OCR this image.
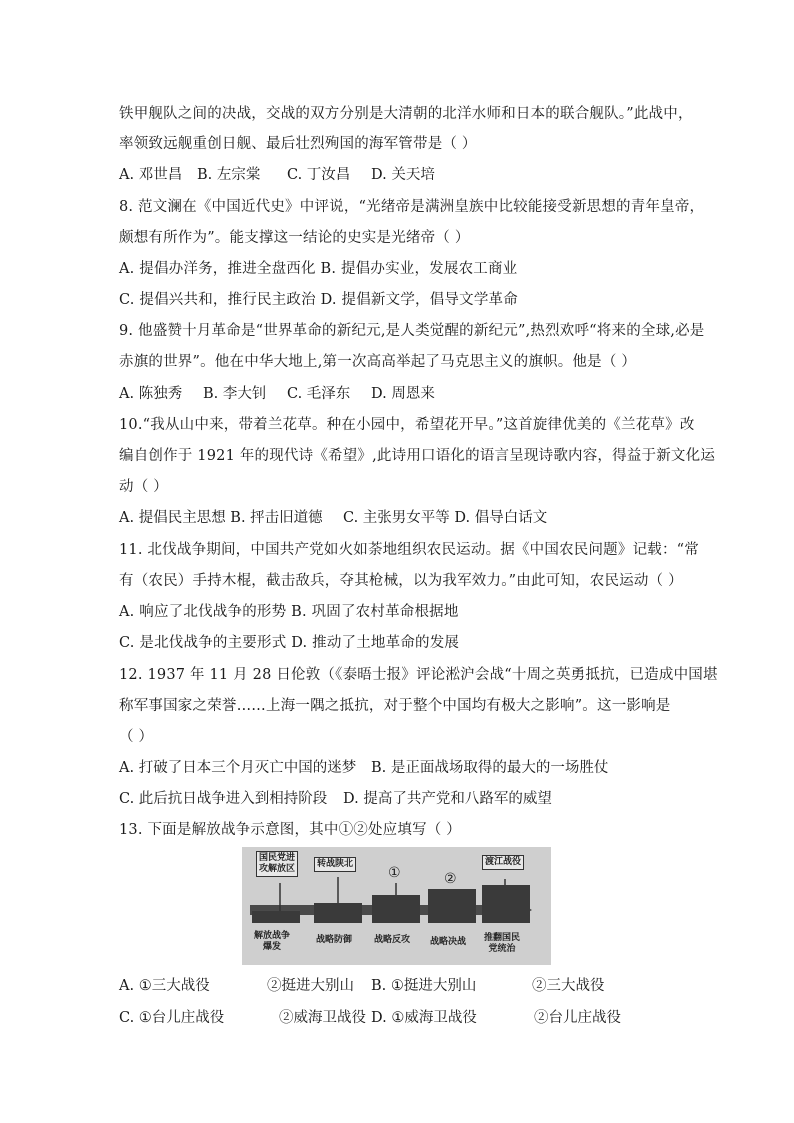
铁甲舰队之间的决战，交战的双方分别是大清朝的北洋水师和日本的联合舰队。”此战中，
率领致远舰重创日舰、最后壮烈殉国的海军管带是（ ）
A. 邓世昌 B. 左宗棠 C. 丁汝昌 D. 关天培
8. 范文澜在《中国近代史》中评说，“光绪帝是满洲皇族中比较能接受新思想的青年皇帝，
颇想有所作为”。能支撑这一结论的史实是光绪帝（ ）
A. 提倡办洋务，推进全盘西化 B. 提倡办实业，发展农工商业
C. 提倡兴共和，推行民主政治 D. 提倡新文学，倡导文学革命
9. 他盛赞十月革命是“世界革命的新纪元,是人类觉醒的新纪元”,热烈欢呼“将来的全球,必是
赤旗的世界”。他在中华大地上,第一次高高举起了马克思主义的旗帜。他是（ ）
A. 陈独秀 B. 李大钊 C. 毛泽东 D. 周恩来
10.“我从山中来，带着兰花草。种在小园中，希望花开早。”这首旋律优美的《兰花草》改
编自创作于 1921 年的现代诗《希望》,此诗用口语化的语言呈现诗歌内容，得益于新文化运
动（ ）
A. 提倡民主思想 B. 抨击旧道德 C. 主张男女平等 D. 倡导白话文
11. 北伐战争期间，中国共产党如火如荼地组织农民运动。据《中国农民问题》记载：“常
有（农民）手持木棍，截击敌兵，夺其枪械，以为我军效力。”由此可知，农民运动（ ）
A. 响应了北伐战争的形势 B. 巩固了农村革命根据地
C. 是北伐战争的主要形式 D. 推动了土地革命的发展
12. 1937 年 11 月 28 日伦敦（《泰晤士报》评论淞沪会战“十周之英勇抵抗，已造成中国堪
称军事国家之荣誉……上海一隅之抵抗，对于整个中国均有极大之影响”。这一影响是
（ ）
A. 打破了日本三个月灭亡中国的迷梦 B. 是正面战场取得的最大的一场胜仗
C. 此后抗日战争进入到相持阶段 D. 提高了共产党和八路军的威望
13. 下面是解放战争示意图，其中①②处应填写（ ）
国民党进
攻解放区	转战陕北
①	②
渡江战役
解放战争
爆发
战略防御 战略反攻 战略决战 推翻国民
党统治
A. ①三大战役	②挺进大别山 B. ①挺进大别山	②三大战役
C. ①台儿庄战役	②威海卫战役 D. ①威海卫战役	②台儿庄战役
